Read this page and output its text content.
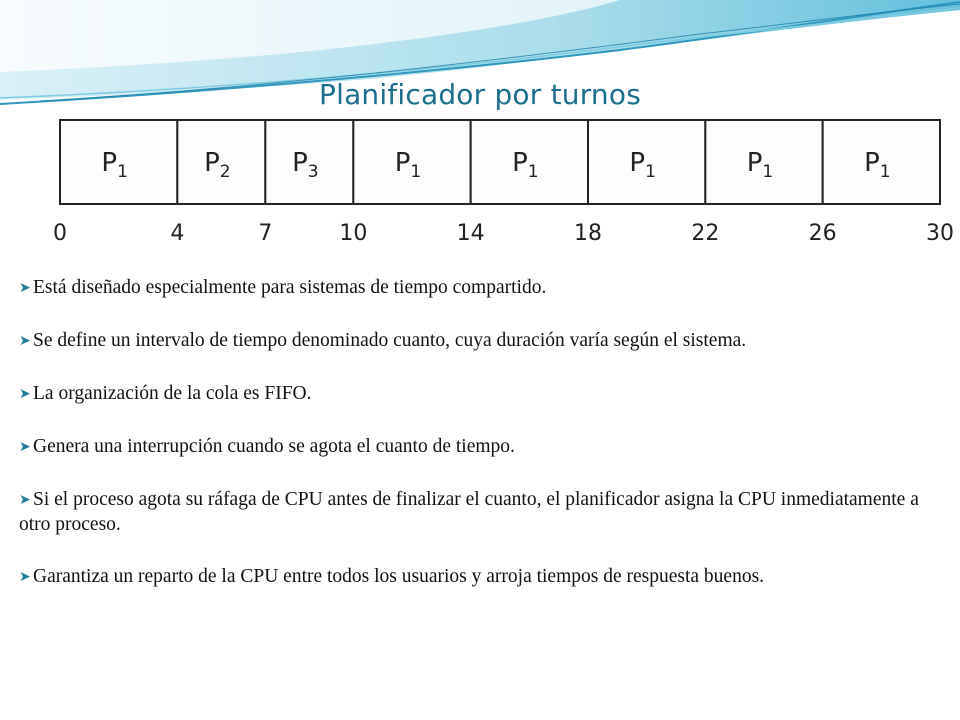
Planificador por turnos
$P_1$	$P_2$ $P_3$	$P_1$	$P_1$	$P_1$	$P_1$	$P_1$
0	4	7	10	14	18	22	26	30

➤ Está diseñado especialmente para sistemas de tiempo compartido.

➤ Se define un intervalo de tiempo denominado cuanto, cuya duración varía según el sistema.

➤ La organización de la cola es FIFO.

➤ Genera una interrupción cuando se agota el cuanto de tiempo.

➤ Si el proceso agota su ráfaga de CPU antes de finalizar el cuanto, el planificador asigna la CPU inmediatamente a otro proceso.

➤ Garantiza un reparto de la CPU entre todos los usuarios y arroja tiempos de respuesta buenos.
